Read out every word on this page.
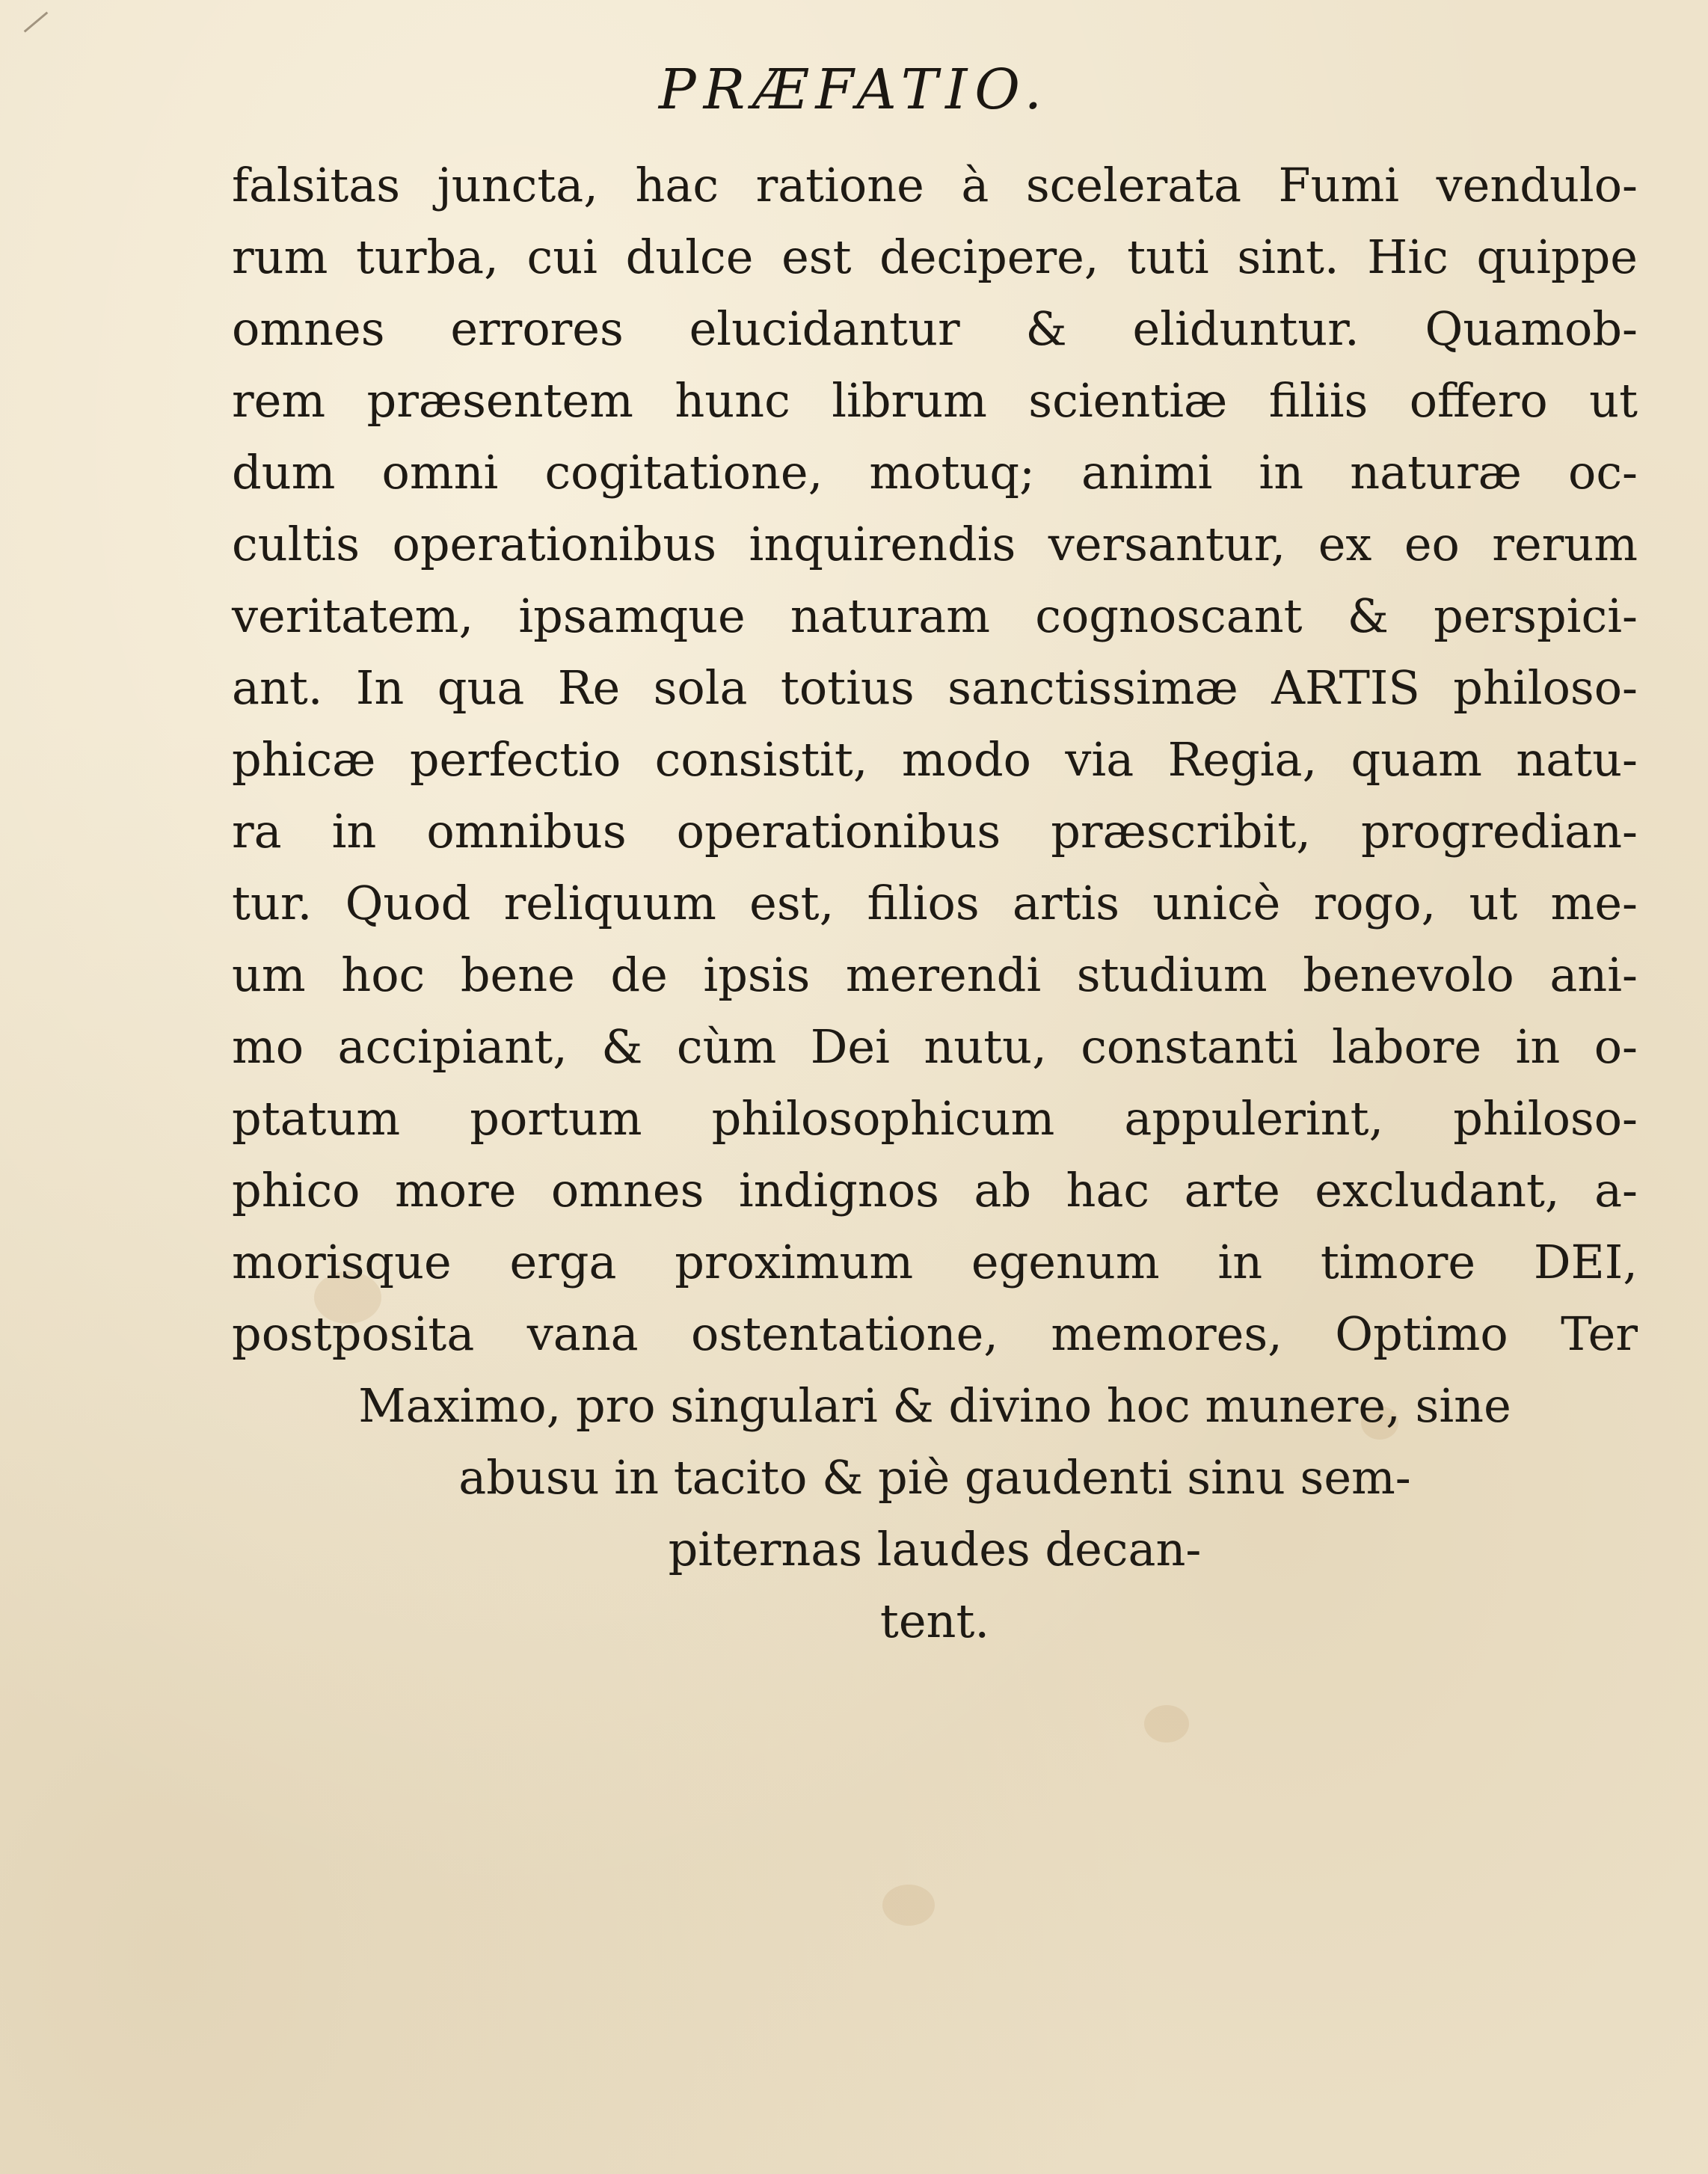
PRÆFATIO.
falsitas juncta, hac ratione à scelerata Fumi vendulo-
rum turba, cui dulce est decipere, tuti sint. Hic quippe
omnes errores elucidantur & eliduntur. Quamob-
rem præsentem hunc librum scientiæ filiis offero ut
dum omni cogitatione, motuq; animi in naturæ oc-
cultis operationibus inquirendis versantur, ex eo rerum
veritatem, ipsamque naturam cognoscant & perspici-
ant. In qua Re sola totius sanctissimæ ARTIS philoso-
phicæ perfectio consistit, modo via Regia, quam natu-
ra in omnibus operationibus præscribit, progredian-
tur. Quod reliquum est, filios artis unicè rogo, ut me-
um hoc bene de ipsis merendi studium benevolo ani-
mo accipiant, & cùm Dei nutu, constanti labore in o-
ptatum portum philosophicum appulerint, philoso-
phico more omnes indignos ab hac arte excludant, a-
morisque erga proximum egenum in timore DEI,
postposita vana ostentatione, memores, Optimo Ter
Maximo, pro singulari & divino hoc munere, sine
abusu in tacito & piè gaudenti sinu sem-
piternas laudes decan-
tent.
